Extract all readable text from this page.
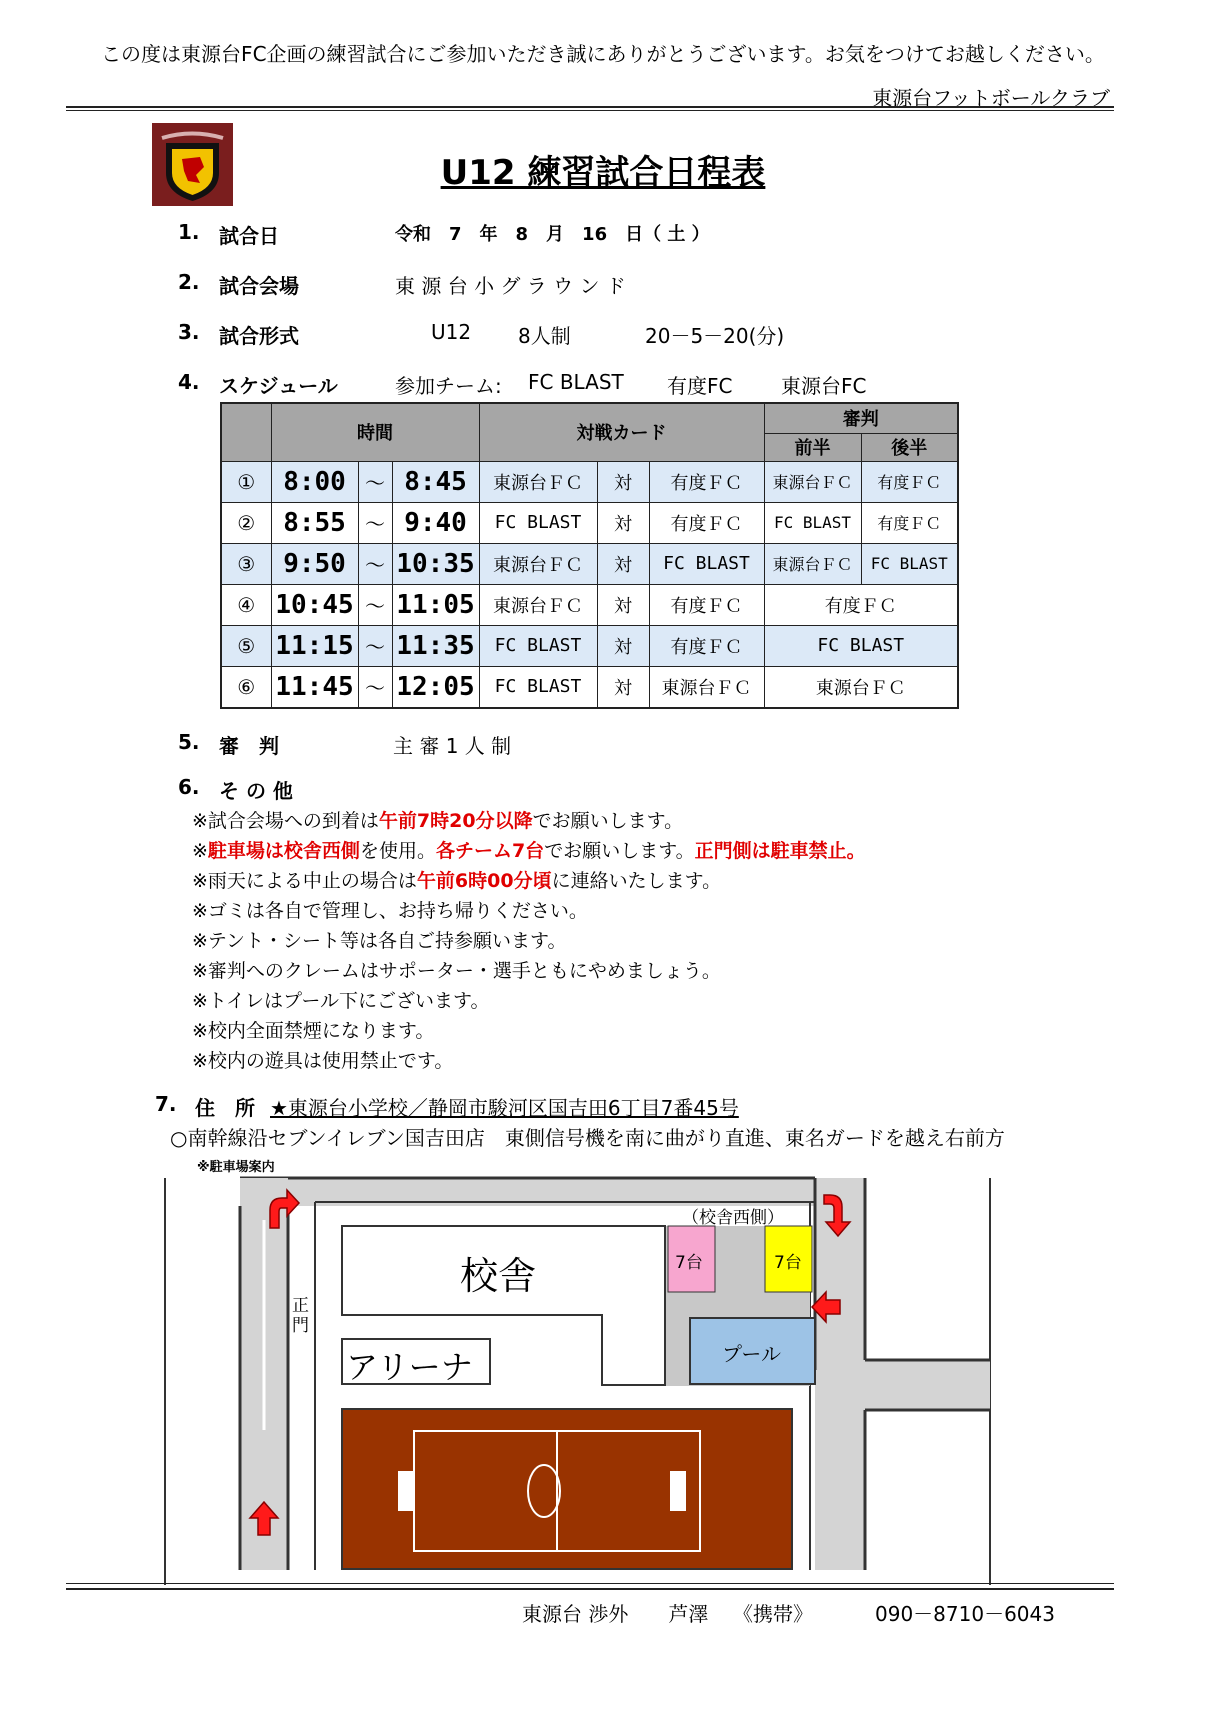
この度は東源台FC企画の練習試合にご参加いただき誠にありがとうございます。お気をつけてお越しください。
東源台フットボールクラブ
U12 練習試合日程表
1. 試合日	令和　7　年　8　月　16　日（ 土 ）
2. 試合会場	東 源 台 小 グ ラ ウ ン ド
3. 試合形式	U12 8人制	20－5－20(分)
4. スケジュール	参加チーム: FC BLAST 有度FC 東源台FC
	時間			対戦カード			審判	
							前半	後半
①	8:00	～	8:45	東源台ＦＣ	対	有度ＦＣ	東源台ＦＣ	有度ＦＣ
②	8:55	～	9:40	FC BLAST	対	有度ＦＣ	FC BLAST	有度ＦＣ
③	9:50	～	10:35	東源台ＦＣ	対	FC BLAST	東源台ＦＣ	FC BLAST
④	10:45	～	11:05	東源台ＦＣ	対	有度ＦＣ	有度ＦＣ	
⑤	11:15	～	11:35	FC BLAST	対	有度ＦＣ	FC BLAST	
⑥	11:45	～	12:05	FC BLAST	対	東源台ＦＣ	東源台ＦＣ	
5. 審　判	主 審 1 人 制
6. そ の 他
※試合会場への到着は午前7時20分以降でお願いします。
※駐車場は校舎西側を使用。各チーム7台でお願いします。正門側は駐車禁止。
※雨天による中止の場合は午前6時00分頃に連絡いたします。
※ゴミは各自で管理し、お持ち帰りください。
※テント・シート等は各自ご持参願います。
※審判へのクレームはサポーター・選手ともにやめましょう。
※トイレはプール下にございます。
※校内全面禁煙になります。
※校内の遊具は使用禁止です。
7. 住　所 ★東源台小学校／静岡市駿河区国吉田6丁目7番45号
○南幹線沿セブンイレブン国吉田店　東側信号機を南に曲がり直進、東名ガードを越え右前方
※駐車場案内
（校舎西側）
校舎
アリーナ	プール
7台	7台
正門
東源台 渉外　　芦澤 《携帯》	090－8710－6043
